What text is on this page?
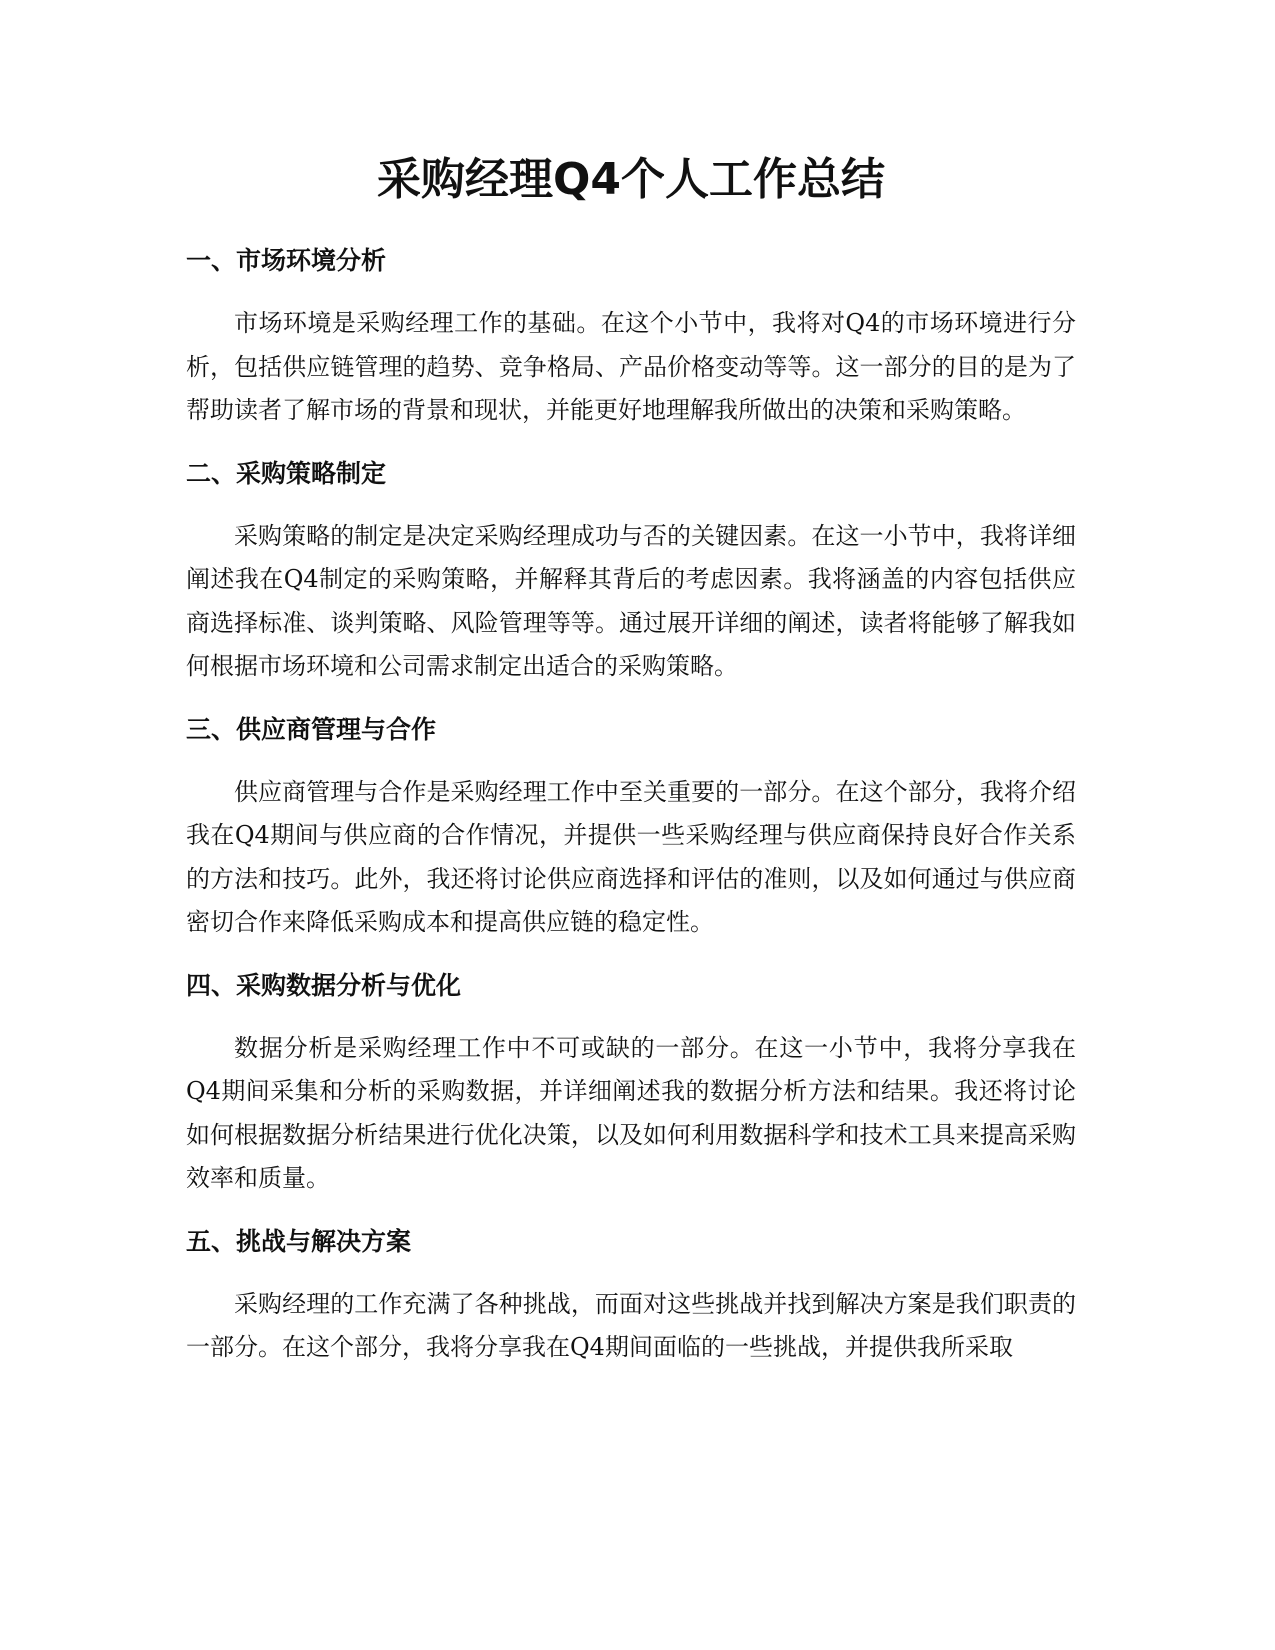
采购经理Q4个人工作总结
一、市场环境分析

市场环境是采购经理工作的基础。在这个小节中，我将对Q4的市场环境进行分析，包括供应链管理的趋势、竞争格局、产品价格变动等等。这一部分的目的是为了帮助读者了解市场的背景和现状，并能更好地理解我所做出的决策和采购策略。

二、采购策略制定

采购策略的制定是决定采购经理成功与否的关键因素。在这一小节中，我将详细阐述我在Q4制定的采购策略，并解释其背后的考虑因素。我将涵盖的内容包括供应商选择标准、谈判策略、风险管理等等。通过展开详细的阐述，读者将能够了解我如何根据市场环境和公司需求制定出适合的采购策略。

三、供应商管理与合作

供应商管理与合作是采购经理工作中至关重要的一部分。在这个部分，我将介绍我在Q4期间与供应商的合作情况，并提供一些采购经理与供应商保持良好合作关系的方法和技巧。此外，我还将讨论供应商选择和评估的准则，以及如何通过与供应商密切合作来降低采购成本和提高供应链的稳定性。

四、采购数据分析与优化

数据分析是采购经理工作中不可或缺的一部分。在这一小节中，我将分享我在Q4期间采集和分析的采购数据，并详细阐述我的数据分析方法和结果。我还将讨论如何根据数据分析结果进行优化决策，以及如何利用数据科学和技术工具来提高采购效率和质量。

五、挑战与解决方案

采购经理的工作充满了各种挑战，而面对这些挑战并找到解决方案是我们职责的一部分。在这个部分，我将分享我在Q4期间面临的一些挑战，并提供我所采取
